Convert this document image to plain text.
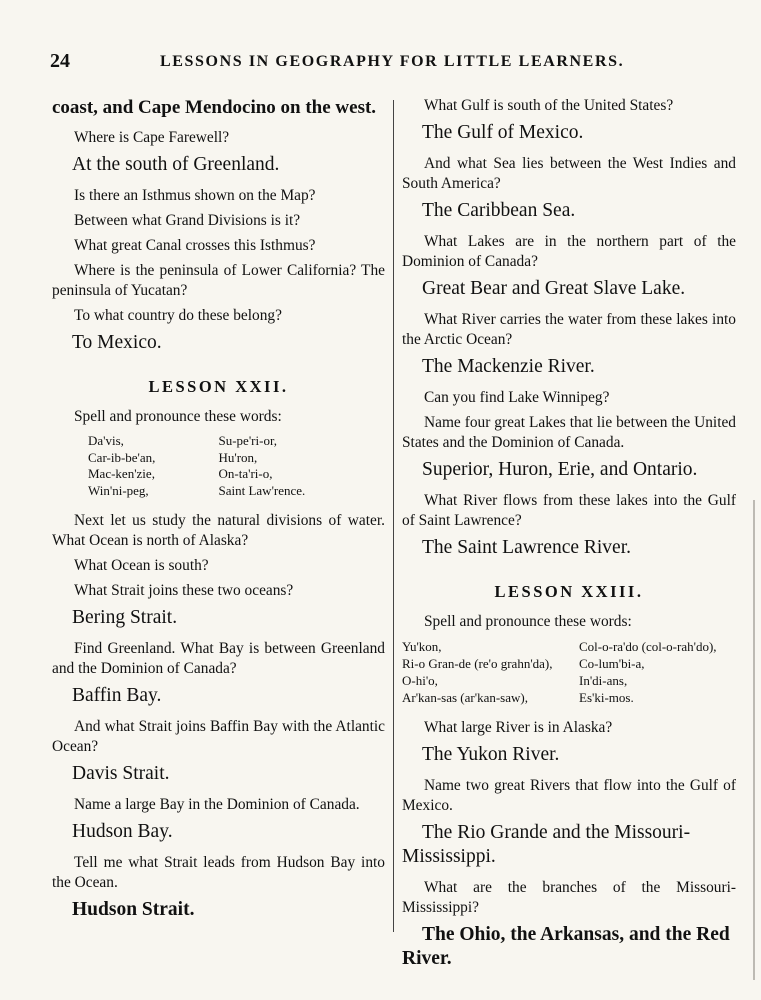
24	LESSONS IN GEOGRAPHY FOR LITTLE LEARNERS.

coast, and Cape Mendocino on the west.

Where is Cape Farewell?

At the south of Greenland.

Is there an Isthmus shown on the Map?

Between what Grand Divisions is it?

What great Canal crosses this Isthmus?

Where is the peninsula of Lower California? The peninsula of Yucatan?

To what country do these belong?

To Mexico.

LESSON XXII.

Spell and pronounce these words:

Da'vis,
Car-ib-be'an,
Mac-ken'zie,
Win'ni-peg,
Su-pe'ri-or,
Hu'ron,
On-ta'ri-o,
Saint Law'rence.

Next let us study the natural divisions of water. What Ocean is north of Alaska?

What Ocean is south?

What Strait joins these two oceans?

Bering Strait.

Find Greenland. What Bay is between Greenland and the Dominion of Canada?

Baffin Bay.

And what Strait joins Baffin Bay with the Atlantic Ocean?

Davis Strait.

Name a large Bay in the Dominion of Canada.

Hudson Bay.

Tell me what Strait leads from Hudson Bay into the Ocean.

Hudson Strait.

What Gulf is south of the United States?

The Gulf of Mexico.

And what Sea lies between the West Indies and South America?

The Caribbean Sea.

What Lakes are in the northern part of the Dominion of Canada?

Great Bear and Great Slave Lake.

What River carries the water from these lakes into the Arctic Ocean?

The Mackenzie River.

Can you find Lake Winnipeg?

Name four great Lakes that lie between the United States and the Dominion of Canada.

Superior, Huron, Erie, and Ontario.

What River flows from these lakes into the Gulf of Saint Lawrence?

The Saint Lawrence River.

LESSON XXIII.

Spell and pronounce these words:

Yu'kon,
Ri-o Gran-de (re'o grahn'da),
O-hi'o,
Ar'kan-sas (ar'kan-saw),
Col-o-ra'do (col-o-rah'do),
Co-lum'bi-a,
In'di-ans,
Es'ki-mos.

What large River is in Alaska?

The Yukon River.

Name two great Rivers that flow into the Gulf of Mexico.

The Rio Grande and the Missouri-Mississippi.

What are the branches of the Missouri-Mississippi?

The Ohio, the Arkansas, and the Red River.
